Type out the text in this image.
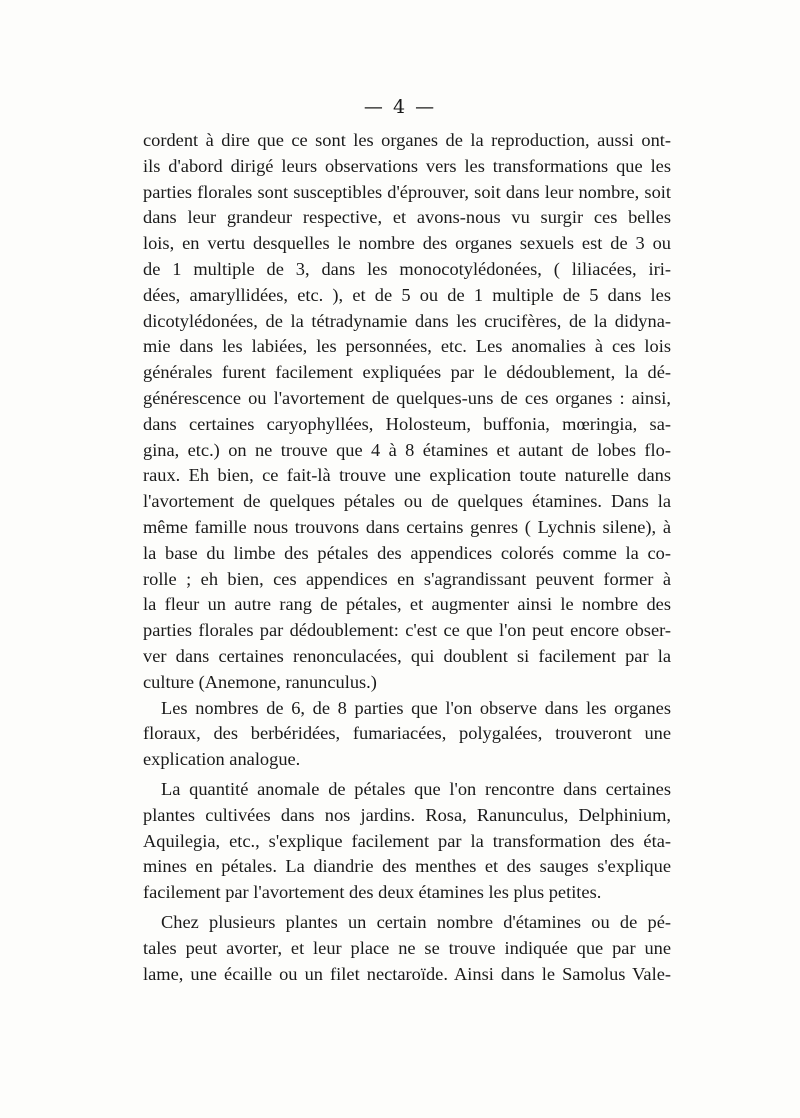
— 4 —
cordent à dire que ce sont les organes de la reproduction, aussi ont-
ils d'abord dirigé leurs observations vers les transformations que les
parties florales sont susceptibles d'éprouver, soit dans leur nombre, soit
dans leur grandeur respective, et avons-nous vu surgir ces belles
lois, en vertu desquelles le nombre des organes sexuels est de 3 ou
de 1 multiple de 3, dans les monocotylédonées, ( liliacées, iri-
dées, amaryllidées, etc. ), et de 5 ou de 1 multiple de 5 dans les
dicotylédonées, de la tétradynamie dans les crucifères, de la didyna-
mie dans les labiées, les personnées, etc. Les anomalies à ces lois
générales furent facilement expliquées par le dédoublement, la dé-
générescence ou l'avortement de quelques-uns de ces organes : ainsi,
dans certaines caryophyllées, Holosteum, buffonia, mœringia, sa-
gina, etc.) on ne trouve que 4 à 8 étamines et autant de lobes flo-
raux. Eh bien, ce fait-là trouve une explication toute naturelle dans
l'avortement de quelques pétales ou de quelques étamines. Dans la
même famille nous trouvons dans certains genres ( Lychnis silene), à
la base du limbe des pétales des appendices colorés comme la co-
rolle ; eh bien, ces appendices en s'agrandissant peuvent former à
la fleur un autre rang de pétales, et augmenter ainsi le nombre des
parties florales par dédoublement: c'est ce que l'on peut encore obser-
ver dans certaines renonculacées, qui doublent si facilement par la
culture (Anemone, ranunculus.)
Les nombres de 6, de 8 parties que l'on observe dans les organes
floraux, des berbéridées, fumariacées, polygalées, trouveront une
explication analogue.
La quantité anomale de pétales que l'on rencontre dans certaines
plantes cultivées dans nos jardins. Rosa, Ranunculus, Delphinium,
Aquilegia, etc., s'explique facilement par la transformation des éta-
mines en pétales. La diandrie des menthes et des sauges s'explique
facilement par l'avortement des deux étamines les plus petites.
Chez plusieurs plantes un certain nombre d'étamines ou de pé-
tales peut avorter, et leur place ne se trouve indiquée que par une
lame, une écaille ou un filet nectaroïde. Ainsi dans le Samolus Vale-
